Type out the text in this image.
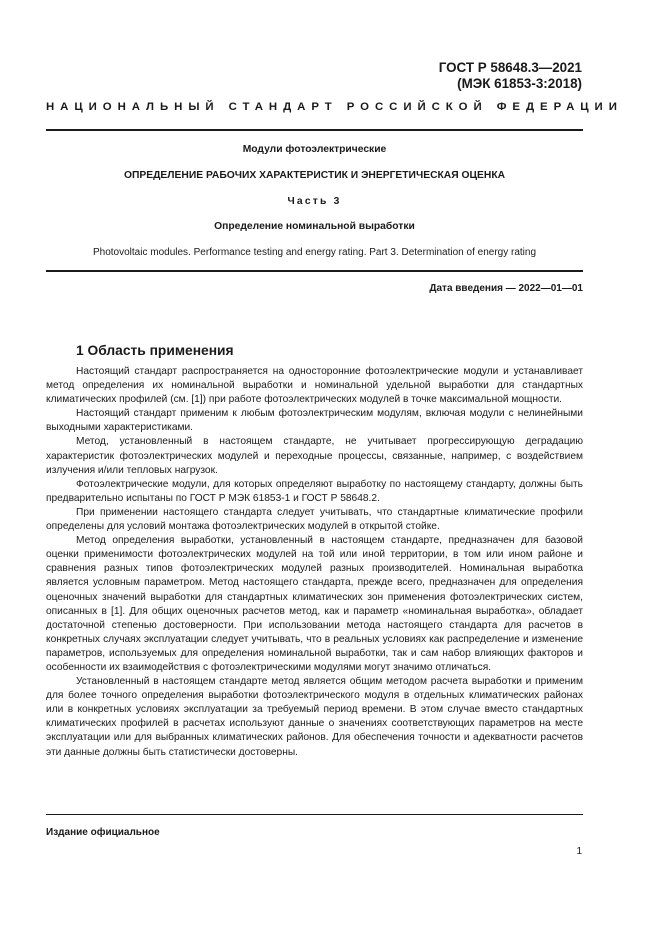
ГОСТ Р 58648.3—2021
(МЭК 61853-3:2018)
НАЦИОНАЛЬНЫЙ СТАНДАРТ РОССИЙСКОЙ ФЕДЕРАЦИИ
Модули фотоэлектрические
ОПРЕДЕЛЕНИЕ РАБОЧИХ ХАРАКТЕРИСТИК И ЭНЕРГЕТИЧЕСКАЯ ОЦЕНКА
Часть 3
Определение номинальной выработки
Photovoltaic modules. Performance testing and energy rating. Part 3. Determination of energy rating
Дата введения — 2022—01—01
1 Область применения

Настоящий стандарт распространяется на односторонние фотоэлектрические модули и устанавливает метод определения их номинальной выработки и номинальной удельной выработки для стандартных климатических профилей (см. [1]) при работе фотоэлектрических модулей в точке максимальной мощности.

Настоящий стандарт применим к любым фотоэлектрическим модулям, включая модули с нелинейными выходными характеристиками.

Метод, установленный в настоящем стандарте, не учитывает прогрессирующую деградацию характеристик фотоэлектрических модулей и переходные процессы, связанные, например, с воздействием излучения и/или тепловых нагрузок.

Фотоэлектрические модули, для которых определяют выработку по настоящему стандарту, должны быть предварительно испытаны по ГОСТ Р МЭК 61853-1 и ГОСТ Р 58648.2.

При применении настоящего стандарта следует учитывать, что стандартные климатические профили определены для условий монтажа фотоэлектрических модулей в открытой стойке.

Метод определения выработки, установленный в настоящем стандарте, предназначен для базовой оценки применимости фотоэлектрических модулей на той или иной территории, в том или ином районе и сравнения разных типов фотоэлектрических модулей разных производителей. Номинальная выработка является условным параметром. Метод настоящего стандарта, прежде всего, предназначен для определения оценочных значений выработки для стандартных климатических зон применения фотоэлектрических систем, описанных в [1]. Для общих оценочных расчетов метод, как и параметр «номинальная выработка», обладает достаточной степенью достоверности. При использовании метода настоящего стандарта для расчетов в конкретных случаях эксплуатации следует учитывать, что в реальных условиях как распределение и изменение параметров, используемых для определения номинальной выработки, так и сам набор влияющих факторов и особенности их взаимодействия с фотоэлектрическими модулями могут значимо отличаться.

Установленный в настоящем стандарте метод является общим методом расчета выработки и применим для более точного определения выработки фотоэлектрического модуля в отдельных климатических районах или в конкретных условиях эксплуатации за требуемый период времени. В этом случае вместо стандартных климатических профилей в расчетах используют данные о значениях соответствующих параметров на месте эксплуатации или для выбранных климатических районов. Для обеспечения точности и адекватности расчетов эти данные должны быть статистически достоверны.

Издание официальное
1
